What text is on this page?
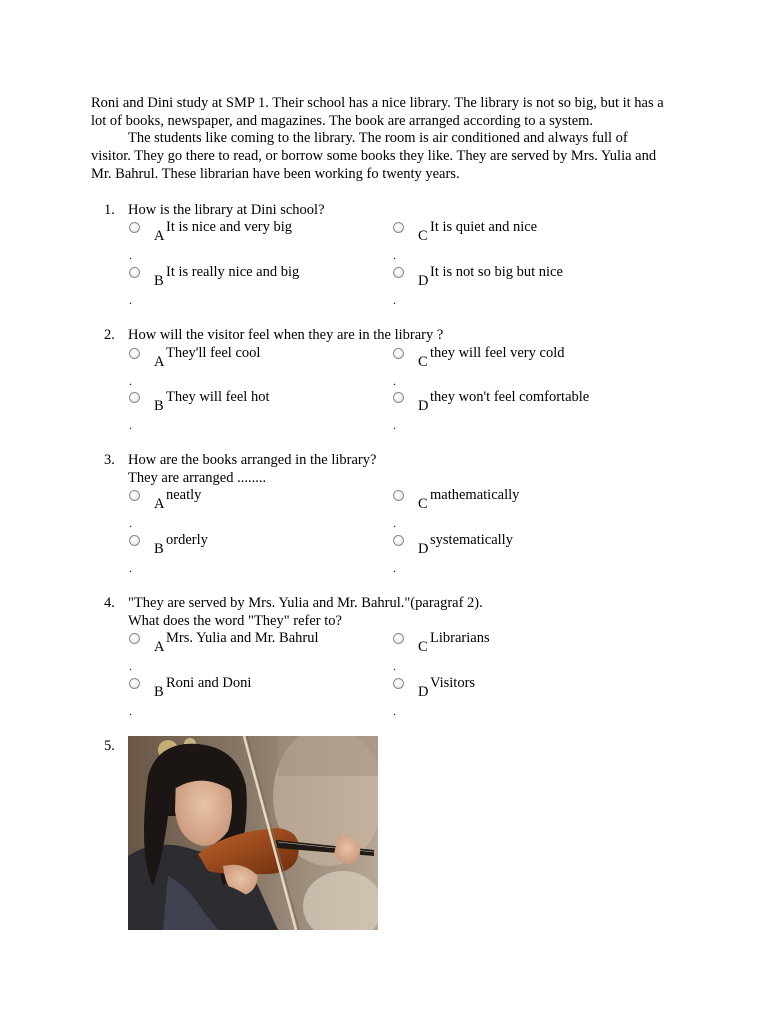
Roni and Dini study at SMP 1. Their school has a nice library. The library is not so big, but it has a lot of books, newspaper, and magazines. The book are arranged according to a system.

The students like coming to the library. The room is air conditioned and always full of visitor. They go there to read, or borrow some books they like. They are served by Mrs. Yulia and Mr. Bahrul. These librarian have been working fo twenty years.

1. How is the library at Dini school?
A
It is nice and very big
.
B
It is really nice and big
.
C
It is quiet and nice
.
D
It is not so big but nice
.
2. How will the visitor feel when they are in the library ?
A
They'll feel cool
.
B
They will feel hot
.
C
they will feel very cold
.
D
they won't feel comfortable
.
3. How are the books arranged in the library?
They are arranged ........
A
neatly
.
B
orderly
.
C
mathematically
.
D
systematically
.
4. "They are served by Mrs. Yulia and Mr. Bahrul."(paragraf 2).
What does the word "They" refer to?
A
Mrs. Yulia and Mr. Bahrul
.
B
Roni and Doni
.
C
Librarians
.
D
Visitors
.
5.
